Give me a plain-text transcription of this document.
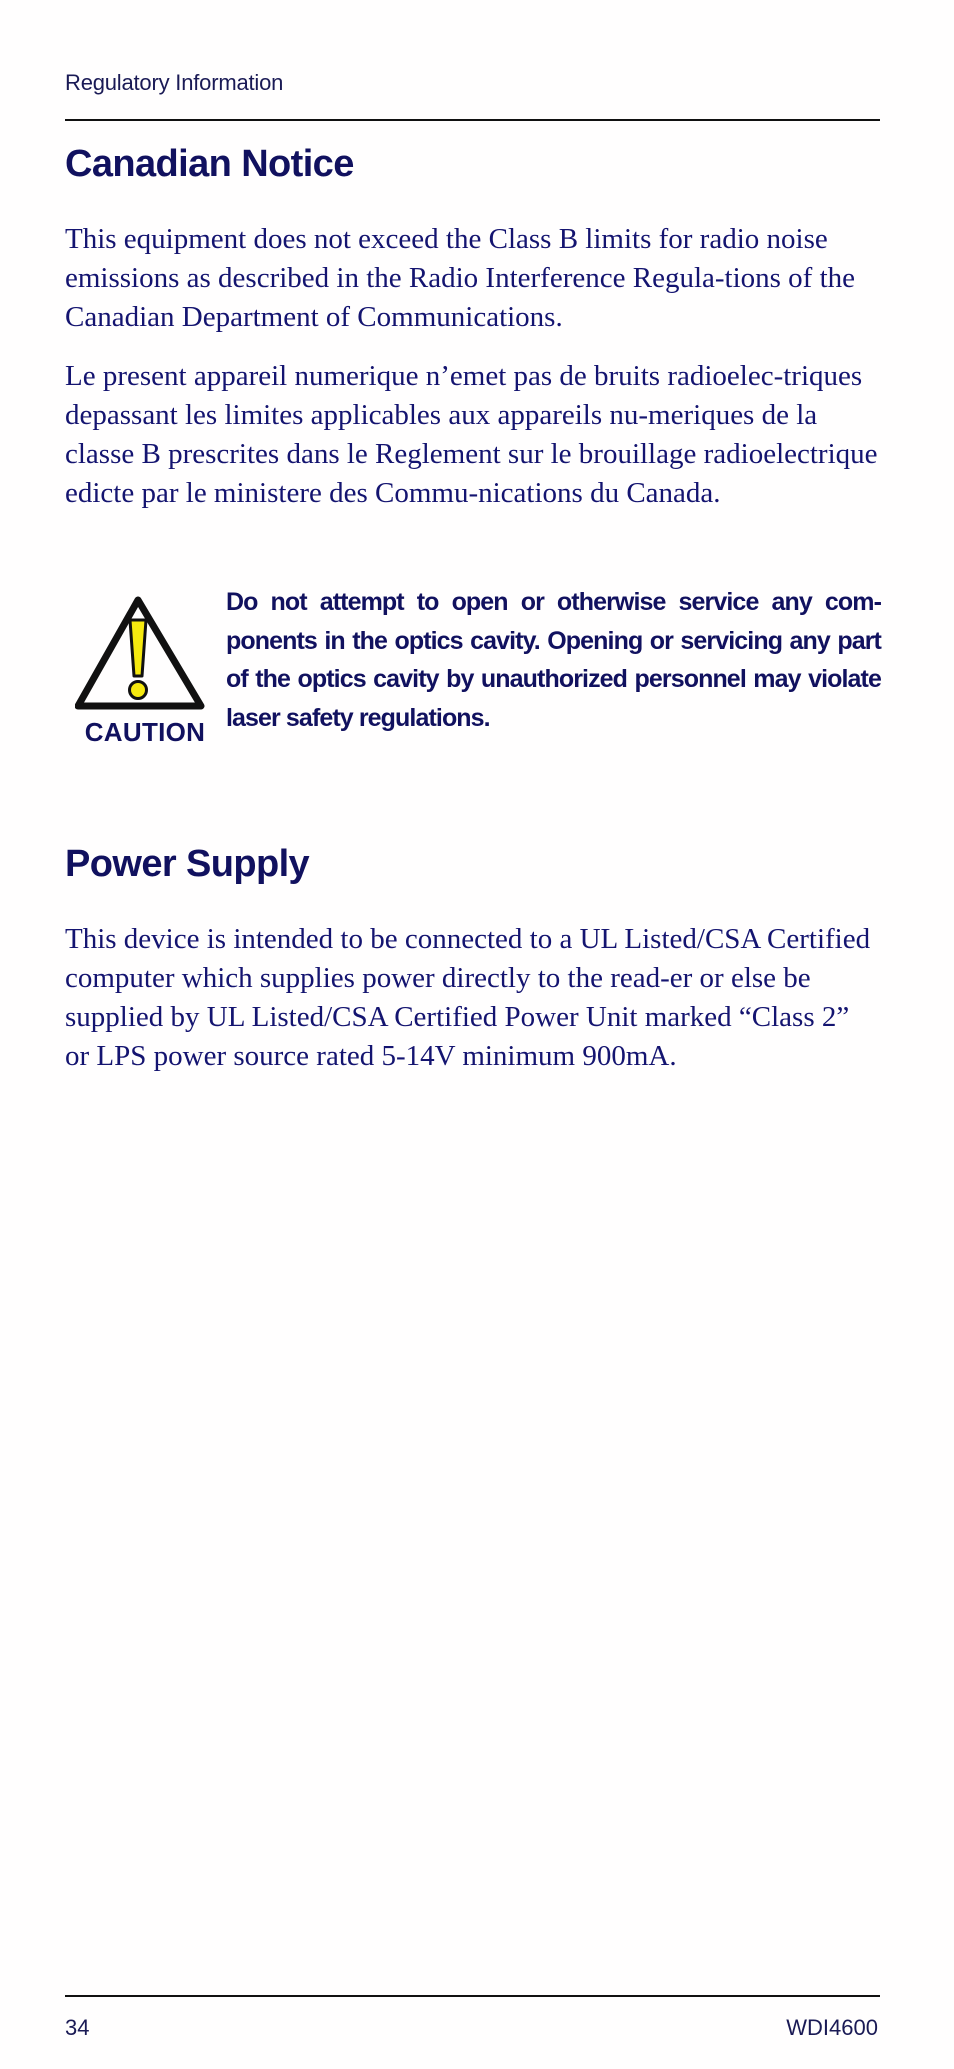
Regulatory Information
Canadian Notice

This equipment does not exceed the Class B limits for radio noise emissions as described in the Radio Interference Regula-tions of the Canadian Department of Communications.

Le present appareil numerique n’emet pas de bruits radioelec-triques depassant les limites applicables aux appareils nu-meriques de la classe B prescrites dans le Reglement sur le brouillage radioelectrique edicte par le ministere des Commu-nications du Canada.

CAUTION

Do not attempt to open or otherwise service any com-ponents in the optics cavity. Opening or servicing any part of the optics cavity by unauthorized personnel may violate laser safety regulations.

Power Supply

This device is intended to be connected to a UL Listed/CSA Certified computer which supplies power directly to the read-er or else be supplied by UL Listed/CSA Certified Power Unit marked “Class 2” or LPS power source rated 5-14V minimum 900mA.

34	WDI4600
